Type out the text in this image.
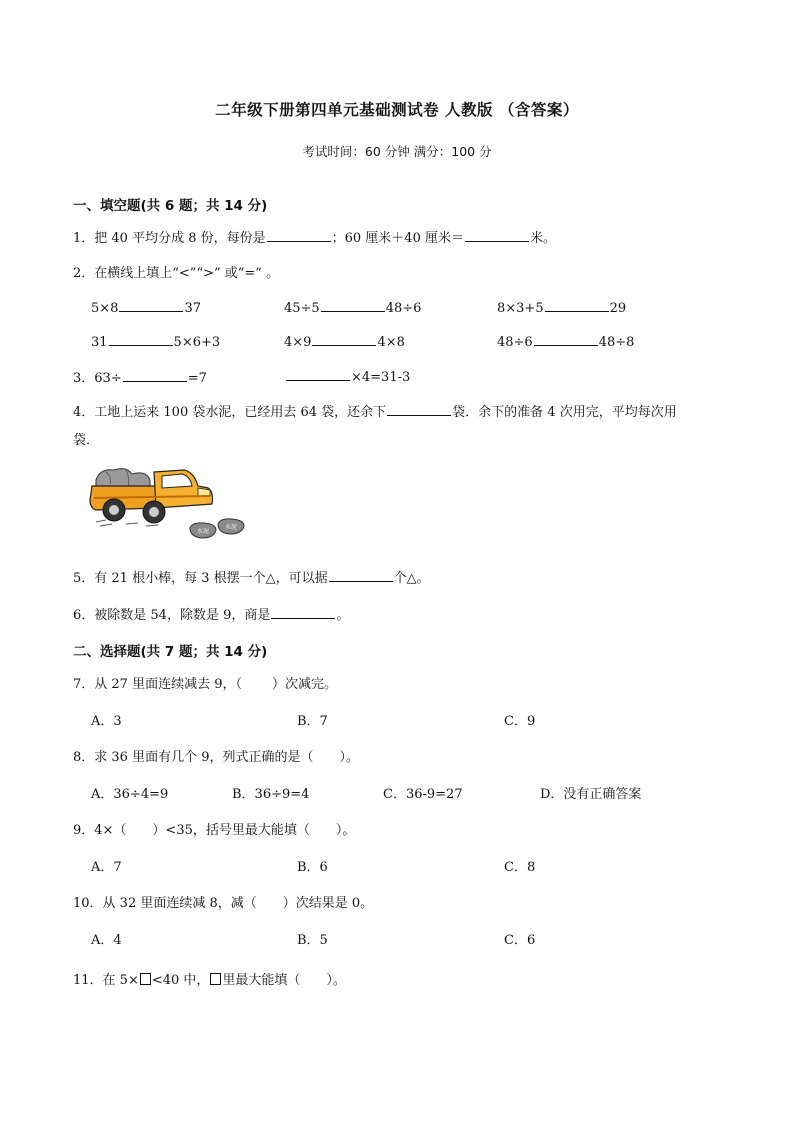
二年级下册第四单元基础测试卷 人教版 （含答案）
考试时间：60 分钟 满分：100 分
一、填空题(共 6 题；共 14 分)
1．把 40 平均分成 8 份，每份是	；60 厘米＋40 厘米＝	米。
2．在横线上填上“<”“>” 或“=” 。
5×8	37	45÷5	48÷6	8×3+5	29
31	5×6+3	4×9	4×8	48÷6	48÷8
3．63÷	=7	×4=31-3
4．工地上运来 100 袋水泥，已经用去 64 袋，还余下	袋．余下的准备 4 次用完，平均每次用
袋．
水泥
水泥
5．有 21 根小棒，每 3 根摆一个△，可以据	个△。
6．被除数是 54，除数是 9，商是	。
二、选择题(共 7 题；共 14 分)
7．从 27 里面连续减去 9，（ ）次减完。
A．3	B．7	C．9
8．求 36 里面有几个 9，列式正确的是（　　）。
A．36÷4=9	B．36÷9=4	C．36-9=27	D．没有正确答案
9．4×（　　）<35，括号里最大能填（　　）。
A．7	B．6	C．8
10．从 32 里面连续减 8，减（　　）次结果是 0。
A．4	B．5	C．6
11．在 5× <40 中， 里最大能填（　　）。
